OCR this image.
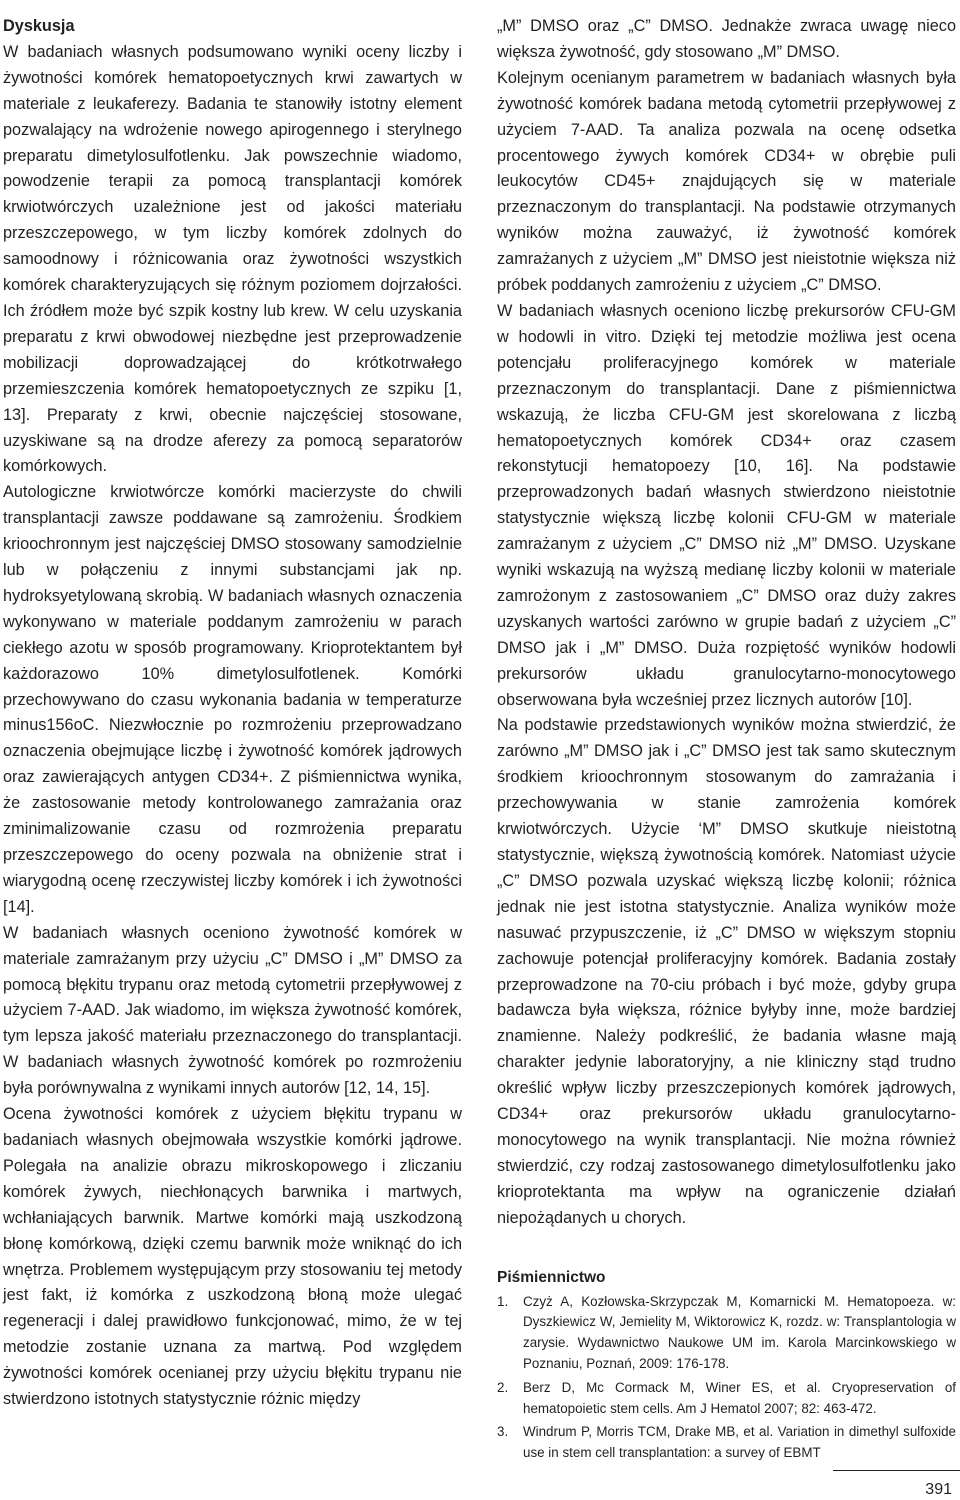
Dyskusja

W badaniach własnych podsumowano wyniki oceny liczby i żywotności komórek hematopoetycznych krwi zawartych w materiale z leukaferezy. Badania te stanowiły istotny element pozwalający na wdrożenie nowego apirogennego i sterylnego preparatu dimetylosulfotlenku. Jak powszechnie wiadomo, powodzenie terapii za pomocą transplantacji komórek krwiotwórczych uzależnione jest od jakości materiału przeszczepowego, w tym liczby komórek zdolnych do samoodnowy i różnicowania oraz żywotności wszystkich komórek charakteryzujących się różnym poziomem dojrzałości. Ich źródłem może być szpik kostny lub krew. W celu uzyskania preparatu z krwi obwodowej niezbędne jest przeprowadzenie mobilizacji doprowadzającej do krótkotrwałego przemieszczenia komórek hematopoetycznych ze szpiku [1, 13]. Preparaty z krwi, obecnie najczęściej stosowane, uzyskiwane są na drodze aferezy za pomocą separatorów komórkowych.

Autologiczne krwiotwórcze komórki macierzyste do chwili transplantacji zawsze poddawane są zamrożeniu. Środkiem krioochronnym jest najczęściej DMSO stosowany samodzielnie lub w połączeniu z innymi substancjami jak np. hydroksyetylowaną skrobią. W badaniach własnych oznaczenia wykonywano w materiale poddanym zamrożeniu w parach ciekłego azotu w sposób programowany. Krioprotektantem był każdorazowo 10% dimetylosulfotlenek. Komórki przechowywano do czasu wykonania badania w temperaturze minus156oC. Niezwłocznie po rozmrożeniu przeprowadzano oznaczenia obejmujące liczbę i żywotność komórek jądrowych oraz zawierających antygen CD34+. Z piśmiennictwa wynika, że zastosowanie metody kontrolowanego zamrażania oraz zminimalizowanie czasu od rozmrożenia preparatu przeszczepowego do oceny pozwala na obniżenie strat i wiarygodną ocenę rzeczywistej liczby komórek i ich żywotności [14].

W badaniach własnych oceniono żywotność komórek w materiale zamrażanym przy użyciu „C” DMSO i „M” DMSO za pomocą błękitu trypanu oraz metodą cytometrii przepływowej z użyciem 7-AAD. Jak wiadomo, im większa żywotność komórek, tym lepsza jakość materiału przeznaczonego do transplantacji. W badaniach własnych żywotność komórek po rozmrożeniu była porównywalna z wynikami innych autorów [12, 14, 15].

Ocena żywotności komórek z użyciem błękitu trypanu w badaniach własnych obejmowała wszystkie komórki jądrowe. Polegała na analizie obrazu mikroskopowego i zliczaniu komórek żywych, niechłonących barwnika i martwych, wchłaniających barwnik. Martwe komórki mają uszkodzoną błonę komórkową, dzięki czemu barwnik może wniknąć do ich wnętrza. Problemem występującym przy stosowaniu tej metody jest fakt, iż komórka z uszkodzoną błoną może ulegać regeneracji i dalej prawidłowo funkcjonować, mimo, że w tej metodzie zostanie uznana za martwą. Pod względem żywotności komórek ocenianej przy użyciu błękitu trypanu nie stwierdzono istotnych statystycznie różnic między

„M” DMSO oraz „C” DMSO. Jednakże zwraca uwagę nieco większa żywotność, gdy stosowano „M” DMSO.

Kolejnym ocenianym parametrem w badaniach własnych była żywotność komórek badana metodą cytometrii przepływowej z użyciem 7-AAD. Ta analiza pozwala na ocenę odsetka procentowego żywych komórek CD34+ w obrębie puli leukocytów CD45+ znajdujących się w materiale przeznaczonym do transplantacji. Na podstawie otrzymanych wyników można zauważyć, iż żywotność komórek zamrażanych z użyciem „M” DMSO jest nieistotnie większa niż próbek poddanych zamrożeniu z użyciem „C” DMSO.

W badaniach własnych oceniono liczbę prekursorów CFU-GM w hodowli in vitro. Dzięki tej metodzie możliwa jest ocena potencjału proliferacyjnego komórek w materiale przeznaczonym do transplantacji. Dane z piśmiennictwa wskazują, że liczba CFU-GM jest skorelowana z liczbą hematopoetycznych komórek CD34+ oraz czasem rekonstytucji hematopoezy [10, 16]. Na podstawie przeprowadzonych badań własnych stwierdzono nieistotnie statystycznie większą liczbę kolonii CFU-GM w materiale zamrażanym z użyciem „C” DMSO niż „M” DMSO. Uzyskane wyniki wskazują na wyższą medianę liczby kolonii w materiale zamrożonym z zastosowaniem „C” DMSO oraz duży zakres uzyskanych wartości zarówno w grupie badań z użyciem „C” DMSO jak i „M” DMSO. Duża rozpiętość wyników hodowli prekursorów układu granulocytarno-monocytowego obserwowana była wcześniej przez licznych autorów [10].

Na podstawie przedstawionych wyników można stwierdzić, że zarówno „M” DMSO jak i „C” DMSO jest tak samo skutecznym środkiem krioochronnym stosowanym do zamrażania i przechowywania w stanie zamrożenia komórek krwiotwórczych. Użycie ‘M” DMSO skutkuje nieistotną statystycznie, większą żywotnością komórek. Natomiast użycie „C” DMSO pozwala uzyskać większą liczbę kolonii; różnica jednak nie jest istotna statystycznie. Analiza wyników może nasuwać przypuszczenie, iż „C” DMSO w większym stopniu zachowuje potencjał proliferacyjny komórek. Badania zostały przeprowadzone na 70-ciu próbach i być może, gdyby grupa badawcza była większa, różnice byłyby inne, może bardziej znamienne. Należy podkreślić, że badania własne mają charakter jedynie laboratoryjny, a nie kliniczny stąd trudno określić wpływ liczby przeszczepionych komórek jądrowych, CD34+ oraz prekursorów układu granulocytarno-monocytowego na wynik transplantacji. Nie można również stwierdzić, czy rodzaj zastosowanego dimetylosulfotlenku jako krioprotektanta ma wpływ na ograniczenie działań niepożądanych u chorych.

Piśmiennictwo
1. Czyż A, Kozłowska-Skrzypczak M, Komarnicki M. Hematopoeza. w: Dyszkiewicz W, Jemielity M, Wiktorowicz K, rozdz. w: Transplantologia w zarysie. Wydawnictwo Naukowe UM im. Karola Marcinkowskiego w Poznaniu, Poznań, 2009: 176-178.
2. Berz D, Mc Cormack M, Winer ES, et al. Cryopreservation of hematopoietic stem cells. Am J Hematol 2007; 82: 463-472.
3. Windrum P, Morris TCM, Drake MB, et al. Variation in dimethyl sulfoxide use in stem cell transplantation: a survey of EBMT
391
